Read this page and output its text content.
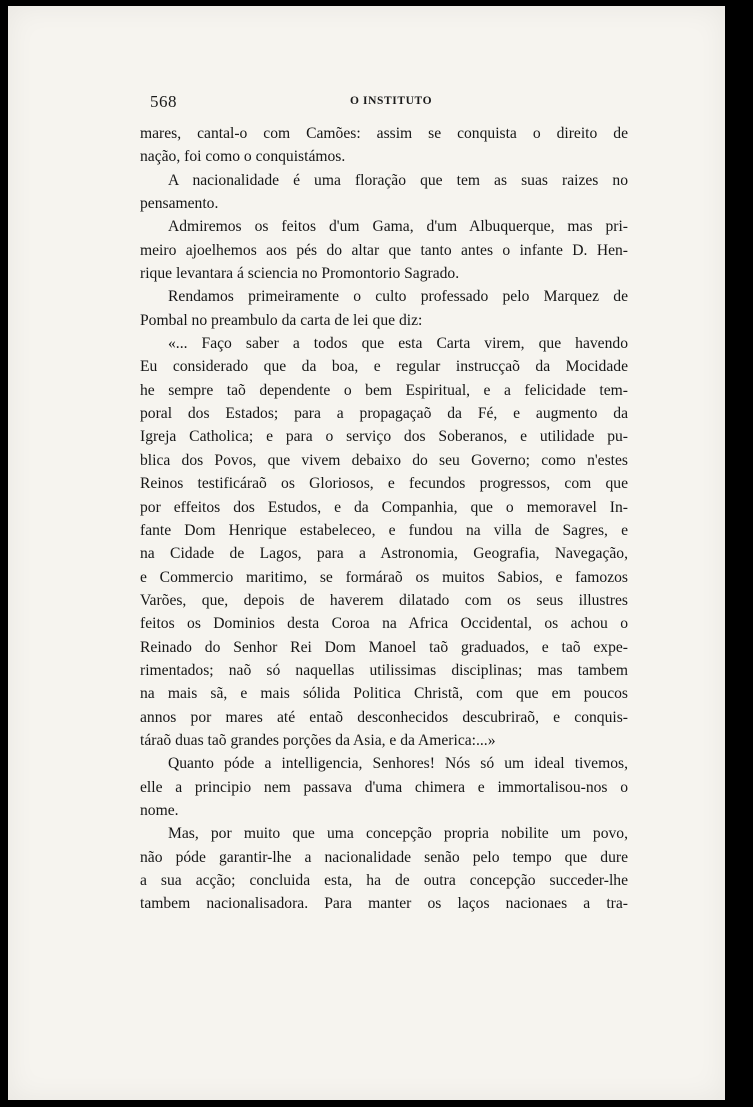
568	O INSTITUTO
mares, cantal-o com Camões: assim se conquista o direito de
nação, foi como o conquistámos.
A nacionalidade é uma floração que tem as suas raizes no
pensamento.
Admiremos os feitos d'um Gama, d'um Albuquerque, mas pri-
meiro ajoelhemos aos pés do altar que tanto antes o infante D. Hen-
rique levantara á sciencia no Promontorio Sagrado.
Rendamos primeiramente o culto professado pelo Marquez de
Pombal no preambulo da carta de lei que diz:
«... Faço saber a todos que esta Carta virem, que havendo
Eu considerado que da boa, e regular instrucçaõ da Mocidade
he sempre taõ dependente o bem Espiritual, e a felicidade tem-
poral dos Estados; para a propagaçaõ da Fé, e augmento da
Igreja Catholica; e para o serviço dos Soberanos, e utilidade pu-
blica dos Povos, que vivem debaixo do seu Governo; como n'estes
Reinos testificáraõ os Gloriosos, e fecundos progressos, com que
por effeitos dos Estudos, e da Companhia, que o memoravel In-
fante Dom Henrique estabeleceo, e fundou na villa de Sagres, e
na Cidade de Lagos, para a Astronomia, Geografia, Navegação,
e Commercio maritimo, se formáraõ os muitos Sabios, e famozos
Varões, que, depois de haverem dilatado com os seus illustres
feitos os Dominios desta Coroa na Africa Occidental, os achou o
Reinado do Senhor Rei Dom Manoel taõ graduados, e taõ expe-
rimentados; naõ só naquellas utilissimas disciplinas; mas tambem
na mais sã, e mais sólida Politica Christã, com que em poucos
annos por mares até entaõ desconhecidos descubriraõ, e conquis-
táraõ duas taõ grandes porções da Asia, e da America:...»
Quanto póde a intelligencia, Senhores! Nós só um ideal tivemos,
elle a principio nem passava d'uma chimera e immortalisou-nos o
nome.
Mas, por muito que uma concepção propria nobilite um povo,
não póde garantir-lhe a nacionalidade senão pelo tempo que dure
a sua acção; concluida esta, ha de outra concepção succeder-lhe
tambem nacionalisadora. Para manter os laços nacionaes a tra-
